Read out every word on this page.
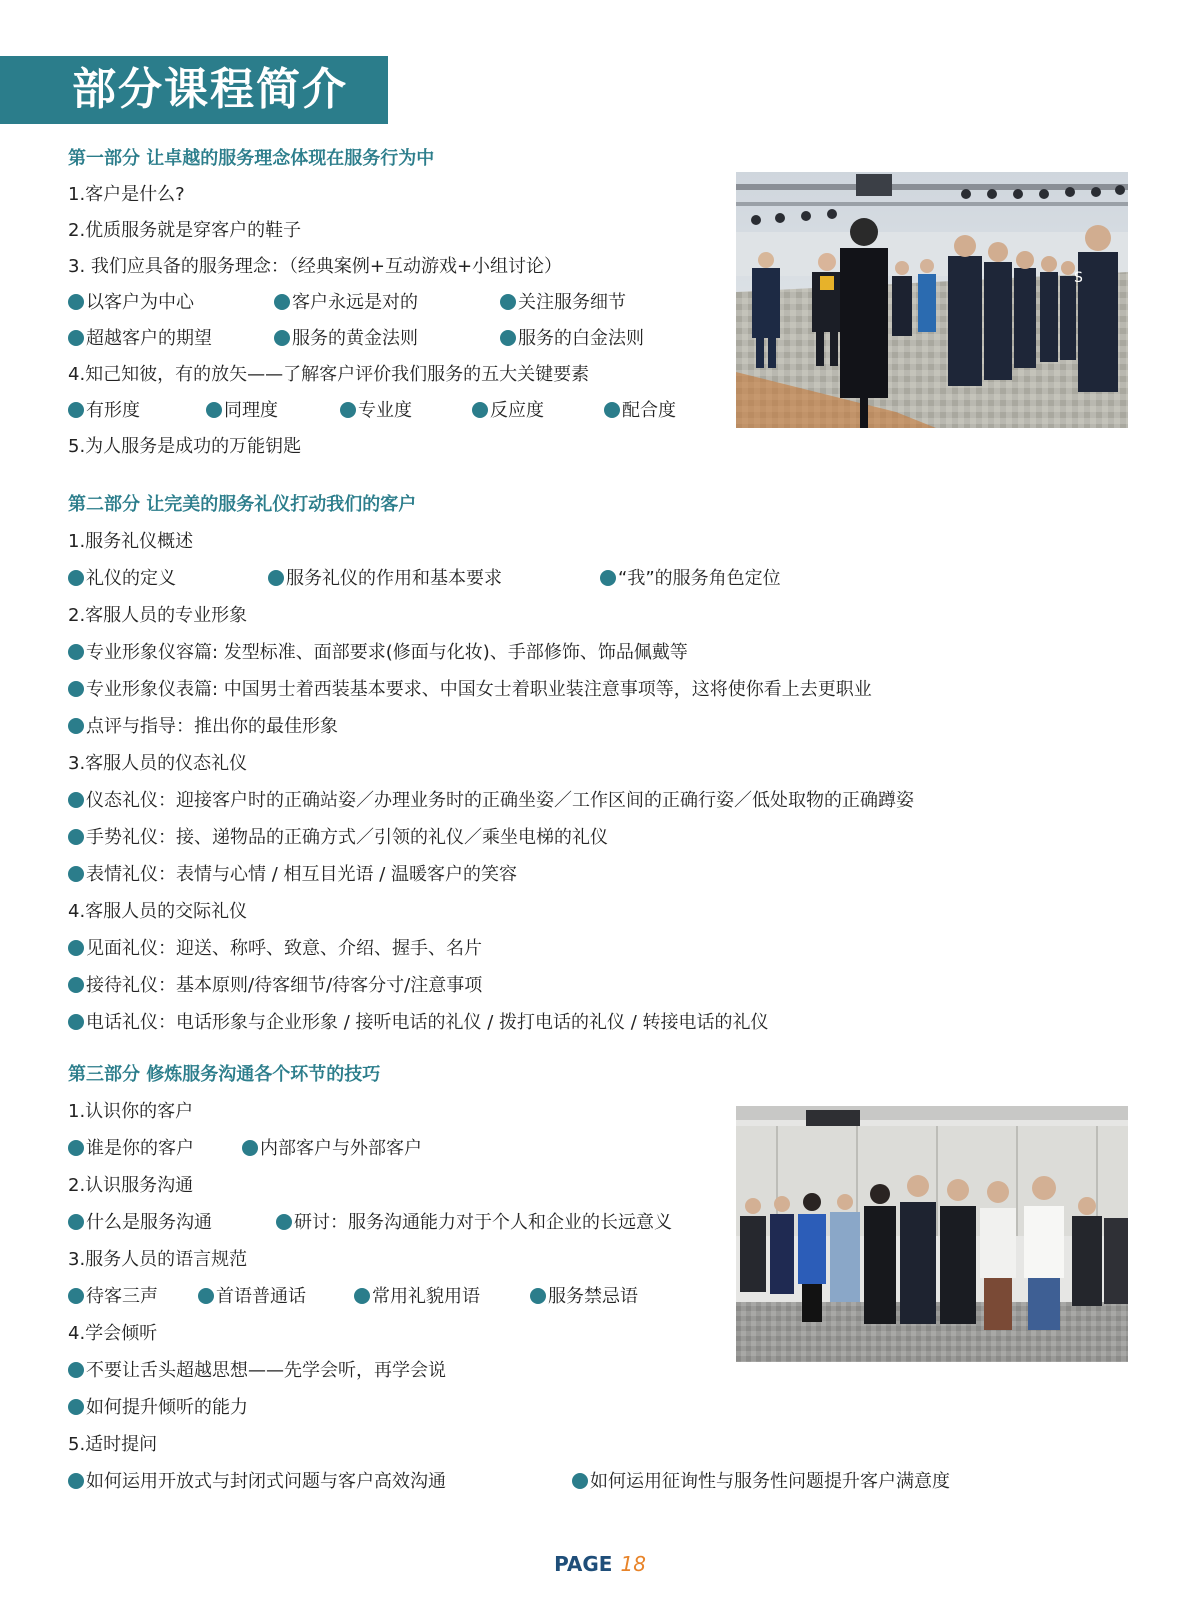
部分课程简介
第一部分 让卓越的服务理念体现在服务行为中
1.客户是什么?
2.优质服务就是穿客户的鞋子
3. 我们应具备的服务理念：（经典案例+互动游戏+小组讨论）
以客户为中心	客户永远是对的	关注服务细节
超越客户的期望	服务的黄金法则	服务的白金法则
4.知己知彼，有的放矢——了解客户评价我们服务的五大关键要素
有形度	同理度	专业度	反应度	配合度
5.为人服务是成功的万能钥匙
S
第二部分 让完美的服务礼仪打动我们的客户
1.服务礼仪概述
礼仪的定义	服务礼仪的作用和基本要求	“我”的服务角色定位
2.客服人员的专业形象
专业形象仪容篇: 发型标准、面部要求(修面与化妆)、手部修饰、饰品佩戴等
专业形象仪表篇: 中国男士着西装基本要求、中国女士着职业装注意事项等，这将使你看上去更职业
点评与指导：推出你的最佳形象
3.客服人员的仪态礼仪
仪态礼仪：迎接客户时的正确站姿／办理业务时的正确坐姿／工作区间的正确行姿／低处取物的正确蹲姿
手势礼仪：接、递物品的正确方式／引领的礼仪／乘坐电梯的礼仪
表情礼仪：表情与心情 / 相互目光语 / 温暖客户的笑容
4.客服人员的交际礼仪
见面礼仪：迎送、称呼、致意、介绍、握手、名片
接待礼仪：基本原则/待客细节/待客分寸/注意事项
电话礼仪：电话形象与企业形象 / 接听电话的礼仪 / 拨打电话的礼仪 / 转接电话的礼仪
第三部分 修炼服务沟通各个环节的技巧
1.认识你的客户
谁是你的客户	内部客户与外部客户
2.认识服务沟通
什么是服务沟通	研讨：服务沟通能力对于个人和企业的长远意义
3.服务人员的语言规范
待客三声	首语普通话	常用礼貌用语	服务禁忌语
4.学会倾听
不要让舌头超越思想——先学会听，再学会说
如何提升倾听的能力
5.适时提问
如何运用开放式与封闭式问题与客户高效沟通	如何运用征询性与服务性问题提升客户满意度
PAGE 18
